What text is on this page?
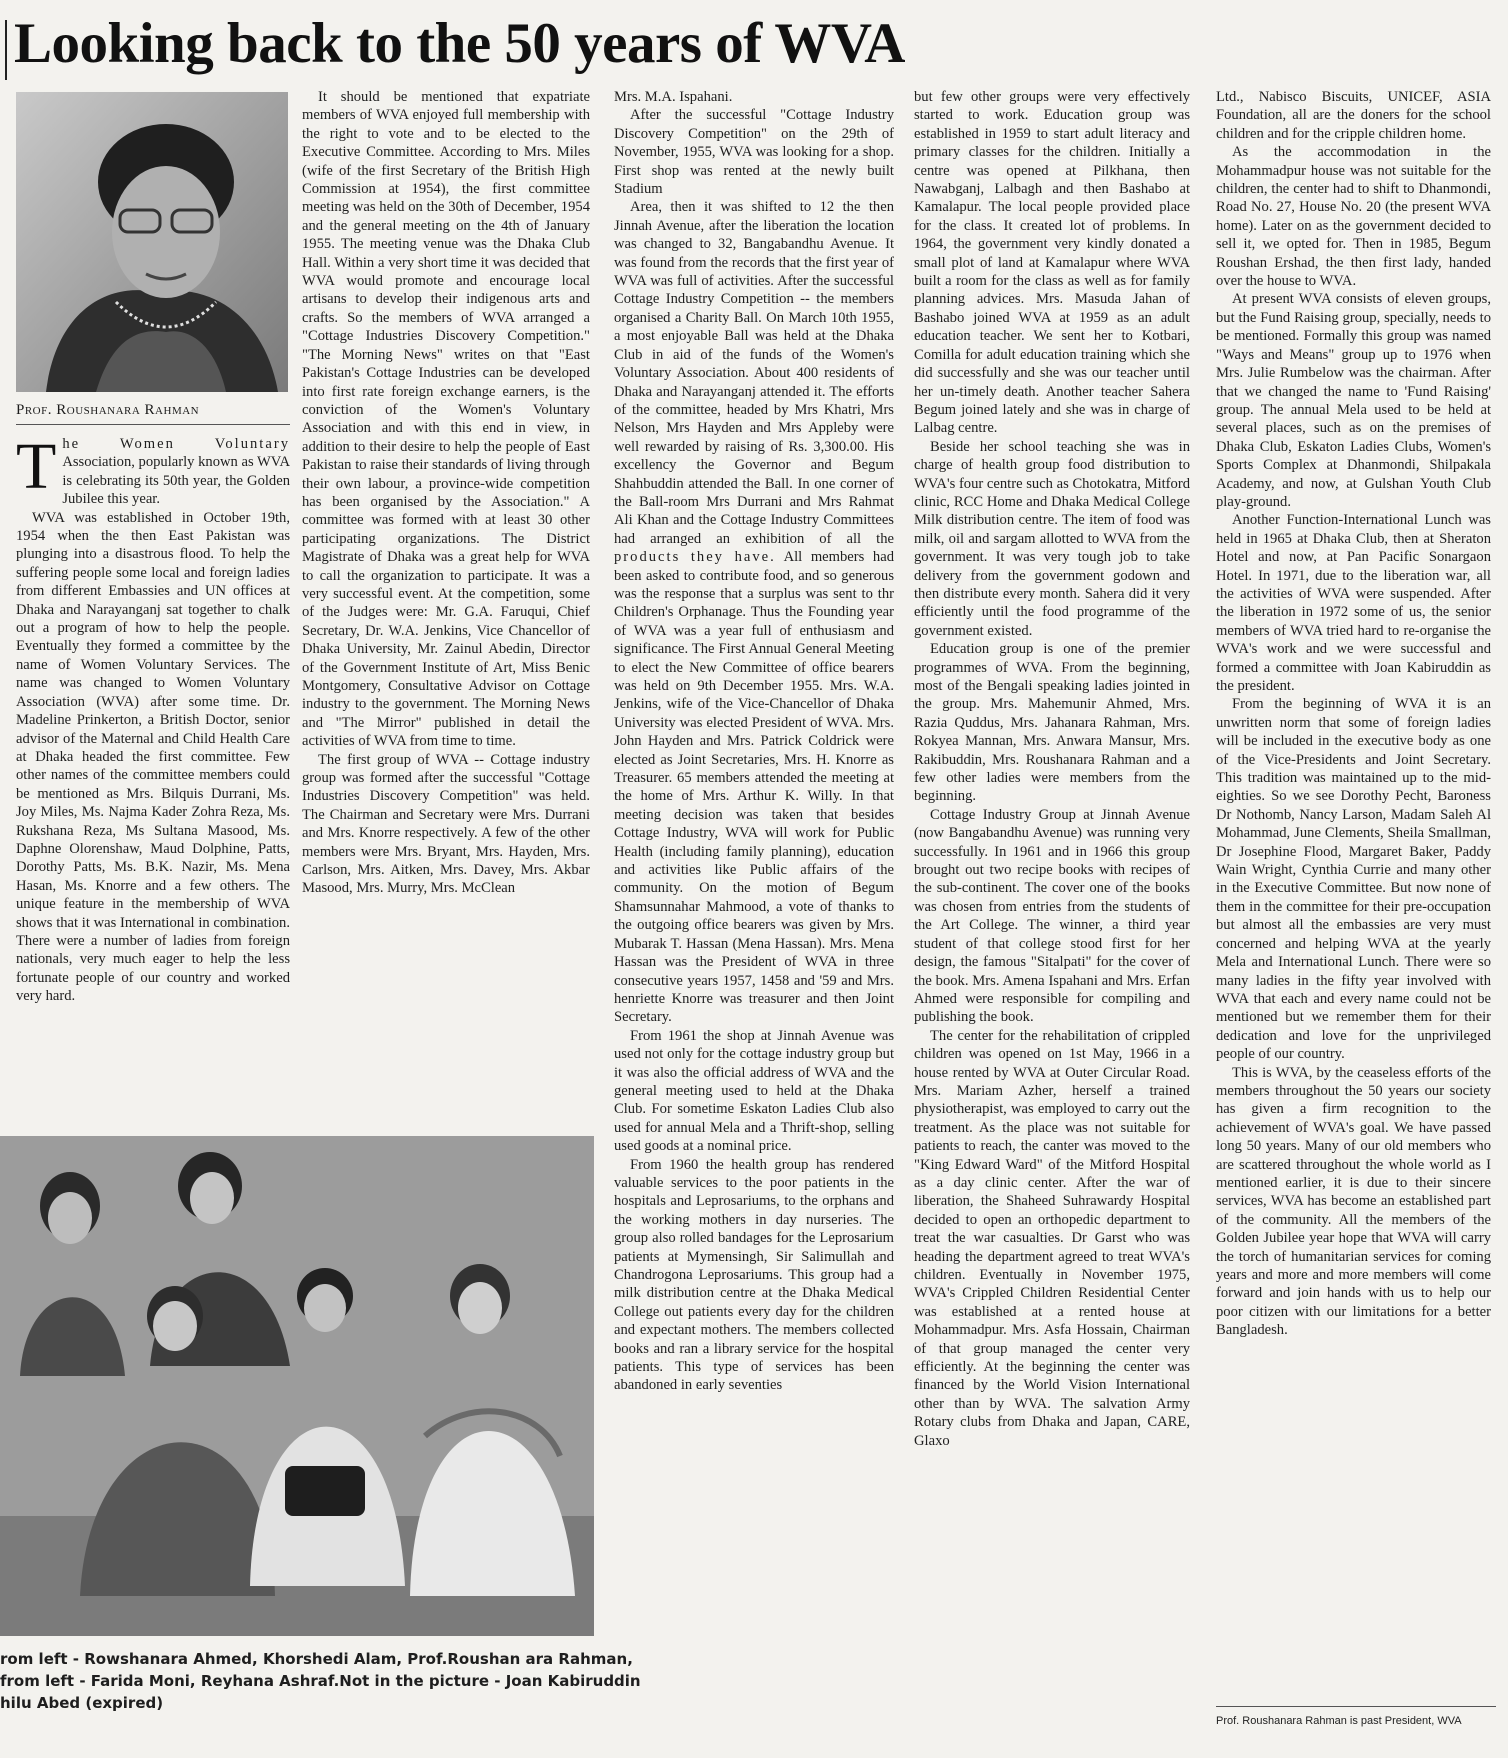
Looking back to the 50 years of WVA

Prof. Roushanara Rahman

The Women Voluntary Association, popularly known as WVA is celebrating its 50th year, the Golden Jubilee this year.

WVA was established in October 19th, 1954 when the then East Pakistan was plunging into a disastrous flood. To help the suffering people some local and foreign ladies from different Embassies and UN offices at Dhaka and Narayanganj sat together to chalk out a program of how to help the people. Eventually they formed a committee by the name of Women Voluntary Services. The name was changed to Women Voluntary Association (WVA) after some time. Dr. Madeline Prinkerton, a British Doctor, senior advisor of the Maternal and Child Health Care at Dhaka headed the first committee. Few other names of the committee members could be mentioned as Mrs. Bilquis Durrani, Ms. Joy Miles, Ms. Najma Kader Zohra Reza, Ms. Rukshana Reza, Ms Sultana Masood, Ms. Daphne Olorenshaw, Maud Dolphine, Patts, Dorothy Patts, Ms. B.K. Nazir, Ms. Mena Hasan, Ms. Knorre and a few others. The unique feature in the membership of WVA shows that it was International in combination. There were a number of ladies from foreign nationals, very much eager to help the less fortunate people of our country and worked very hard.

It should be mentioned that expatriate members of WVA enjoyed full membership with the right to vote and to be elected to the Executive Committee. According to Mrs. Miles (wife of the first Secretary of the British High Commission at 1954), the first committee meeting was held on the 30th of December, 1954 and the general meeting on the 4th of January 1955. The meeting venue was the Dhaka Club Hall. Within a very short time it was decided that WVA would promote and encourage local artisans to develop their indigenous arts and crafts. So the members of WVA arranged a "Cottage Industries Discovery Competition." "The Morning News" writes on that "East Pakistan's Cottage Industries can be developed into first rate foreign exchange earners, is the conviction of the Women's Voluntary Association and with this end in view, in addition to their desire to help the people of East Pakistan to raise their standards of living through their own labour, a province-wide competition has been organised by the Association." A committee was formed with at least 30 other participating organizations. The District Magistrate of Dhaka was a great help for WVA to call the organization to participate. It was a very successful event. At the competition, some of the Judges were: Mr. G.A. Faruqui, Chief Secretary, Dr. W.A. Jenkins, Vice Chancellor of Dhaka University, Mr. Zainul Abedin, Director of the Government Institute of Art, Miss Benic Montgomery, Consultative Advisor on Cottage industry to the government. The Morning News and "The Mirror" published in detail the activities of WVA from time to time.

The first group of WVA -- Cottage industry group was formed after the successful "Cottage Industries Discovery Competition" was held. The Chairman and Secretary were Mrs. Durrani and Mrs. Knorre respectively. A few of the other members were Mrs. Bryant, Mrs. Hayden, Mrs. Carlson, Mrs. Aitken, Mrs. Davey, Mrs. Akbar Masood, Mrs. Murry, Mrs. McClean

Mrs. M.A. Ispahani.

After the successful "Cottage Industry Discovery Competition" on the 29th of November, 1955, WVA was looking for a shop. First shop was rented at the newly built Stadium

Area, then it was shifted to 12 the then Jinnah Avenue, after the liberation the location was changed to 32, Bangabandhu Avenue. It was found from the records that the first year of WVA was full of activities. After the successful Cottage Industry Competition -- the members organised a Charity Ball. On March 10th 1955, a most enjoyable Ball was held at the Dhaka Club in aid of the funds of the Women's Voluntary Association. About 400 residents of Dhaka and Narayanganj attended it. The efforts of the committee, headed by Mrs Khatri, Mrs Nelson, Mrs Hayden and Mrs Appleby were well rewarded by raising of Rs. 3,300.00. His excellency the Governor and Begum Shahbuddin attended the Ball. In one corner of the Ball-room Mrs Durrani and Mrs Rahmat Ali Khan and the Cottage Industry Committees had arranged an exhibition of all the products they have. All members had been asked to contribute food, and so generous was the response that a surplus was sent to thr Children's Orphanage. Thus the Founding year of WVA was a year full of enthusiasm and significance. The First Annual General Meeting to elect the New Committee of office bearers was held on 9th December 1955. Mrs. W.A. Jenkins, wife of the Vice-Chancellor of Dhaka University was elected President of WVA. Mrs. John Hayden and Mrs. Patrick Coldrick were elected as Joint Secretaries, Mrs. H. Knorre as Treasurer. 65 members attended the meeting at the home of Mrs. Arthur K. Willy. In that meeting decision was taken that besides Cottage Industry, WVA will work for Public Health (including family planning), education and activities like Public affairs of the community. On the motion of Begum Shamsunnahar Mahmood, a vote of thanks to the outgoing office bearers was given by Mrs. Mubarak T. Hassan (Mena Hassan). Mrs. Mena Hassan was the President of WVA in three consecutive years 1957, 1458 and '59 and Mrs. henriette Knorre was treasurer and then Joint Secretary.

From 1961 the shop at Jinnah Avenue was used not only for the cottage industry group but it was also the official address of WVA and the general meeting used to held at the Dhaka Club. For sometime Eskaton Ladies Club also used for annual Mela and a Thrift-shop, selling used goods at a nominal price.

From 1960 the health group has rendered valuable services to the poor patients in the hospitals and Leprosariums, to the orphans and the working mothers in day nurseries. The group also rolled bandages for the Leprosarium patients at Mymensingh, Sir Salimullah and Chandrogona Leprosariums. This group had a milk distribution centre at the Dhaka Medical College out patients every day for the children and expectant mothers. The members collected books and ran a library service for the hospital patients. This type of services has been abandoned in early seventies

but few other groups were very effectively started to work. Education group was established in 1959 to start adult literacy and primary classes for the children. Initially a centre was opened at Pilkhana, then Nawabganj, Lalbagh and then Bashabo at Kamalapur. The local people provided place for the class. It created lot of problems. In 1964, the government very kindly donated a small plot of land at Kamalapur where WVA built a room for the class as well as for family planning advices. Mrs. Masuda Jahan of Bashabo joined WVA at 1959 as an adult education teacher. We sent her to Kotbari, Comilla for adult education training which she did successfully and she was our teacher until her un-timely death. Another teacher Sahera Begum joined lately and she was in charge of Lalbag centre.

Beside her school teaching she was in charge of health group food distribution to WVA's four centre such as Chotokatra, Mitford clinic, RCC Home and Dhaka Medical College Milk distribution centre. The item of food was milk, oil and sargam allotted to WVA from the government. It was very tough job to take delivery from the government godown and then distribute every month. Sahera did it very efficiently until the food programme of the government existed.

Education group is one of the premier programmes of WVA. From the beginning, most of the Bengali speaking ladies jointed in the group. Mrs. Mahemunir Ahmed, Mrs. Razia Quddus, Mrs. Jahanara Rahman, Mrs. Rokyea Mannan, Mrs. Anwara Mansur, Mrs. Rakibuddin, Mrs. Roushanara Rahman and a few other ladies were members from the beginning.

Cottage Industry Group at Jinnah Avenue (now Bangabandhu Avenue) was running very successfully. In 1961 and in 1966 this group brought out two recipe books with recipes of the sub-continent. The cover one of the books was chosen from entries from the students of the Art College. The winner, a third year student of that college stood first for her design, the famous "Sitalpati" for the cover of the book. Mrs. Amena Ispahani and Mrs. Erfan Ahmed were responsible for compiling and publishing the book.

The center for the rehabilitation of crippled children was opened on 1st May, 1966 in a house rented by WVA at Outer Circular Road. Mrs. Mariam Azher, herself a trained physiotherapist, was employed to carry out the treatment. As the place was not suitable for patients to reach, the canter was moved to the "King Edward Ward" of the Mitford Hospital as a day clinic center. After the war of liberation, the Shaheed Suhrawardy Hospital decided to open an orthopedic department to treat the war casualties. Dr Garst who was heading the department agreed to treat WVA's children. Eventually in November 1975, WVA's Crippled Children Residential Center was established at a rented house at Mohammadpur. Mrs. Asfa Hossain, Chairman of that group managed the center very efficiently. At the beginning the center was financed by the World Vision International other than by WVA. The salvation Army Rotary clubs from Dhaka and Japan, CARE, Glaxo

Ltd., Nabisco Biscuits, UNICEF, ASIA Foundation, all are the doners for the school children and for the cripple children home.

As the accommodation in the Mohammadpur house was not suitable for the children, the center had to shift to Dhanmondi, Road No. 27, House No. 20 (the present WVA home). Later on as the government decided to sell it, we opted for. Then in 1985, Begum Roushan Ershad, the then first lady, handed over the house to WVA.

At present WVA consists of eleven groups, but the Fund Raising group, specially, needs to be mentioned. Formally this group was named "Ways and Means" group up to 1976 when Mrs. Julie Rumbelow was the chairman. After that we changed the name to 'Fund Raising' group. The annual Mela used to be held at several places, such as on the premises of Dhaka Club, Eskaton Ladies Clubs, Women's Sports Complex at Dhanmondi, Shilpakala Academy, and now, at Gulshan Youth Club play-ground.

Another Function-International Lunch was held in 1965 at Dhaka Club, then at Sheraton Hotel and now, at Pan Pacific Sonargaon Hotel. In 1971, due to the liberation war, all the activities of WVA were suspended. After the liberation in 1972 some of us, the senior members of WVA tried hard to re-organise the WVA's work and we were successful and formed a committee with Joan Kabiruddin as the president.

From the beginning of WVA it is an unwritten norm that some of foreign ladies will be included in the executive body as one of the Vice-Presidents and Joint Secretary. This tradition was maintained up to the mid-eighties. So we see Dorothy Pecht, Baroness Dr Nothomb, Nancy Larson, Madam Saleh Al Mohammad, June Clements, Sheila Smallman, Dr Josephine Flood, Margaret Baker, Paddy Wain Wright, Cynthia Currie and many other in the Executive Committee. But now none of them in the committee for their pre-occupation but almost all the embassies are very must concerned and helping WVA at the yearly Mela and International Lunch. There were so many ladies in the fifty year involved with WVA that each and every name could not be mentioned but we remember them for their dedication and love for the unprivileged people of our country.

This is WVA, by the ceaseless efforts of the members throughout the 50 years our society has given a firm recognition to the achievement of WVA's goal. We have passed long 50 years. Many of our old members who are scattered throughout the whole world as I mentioned earlier, it is due to their sincere services, WVA has become an established part of the community. All the members of the Golden Jubilee year hope that WVA will carry the torch of humanitarian services for coming years and more and more members will come forward and join hands with us to help our poor citizen with our limitations for a better Bangladesh.

rom left - Rowshanara Ahmed, Khorshedi Alam, Prof.Roushan ara Rahman,
from left - Farida Moni, Reyhana Ashraf.Not in the picture - Joan Kabiruddin
hilu Abed (expired)
Prof. Roushanara Rahman is past President, WVA
